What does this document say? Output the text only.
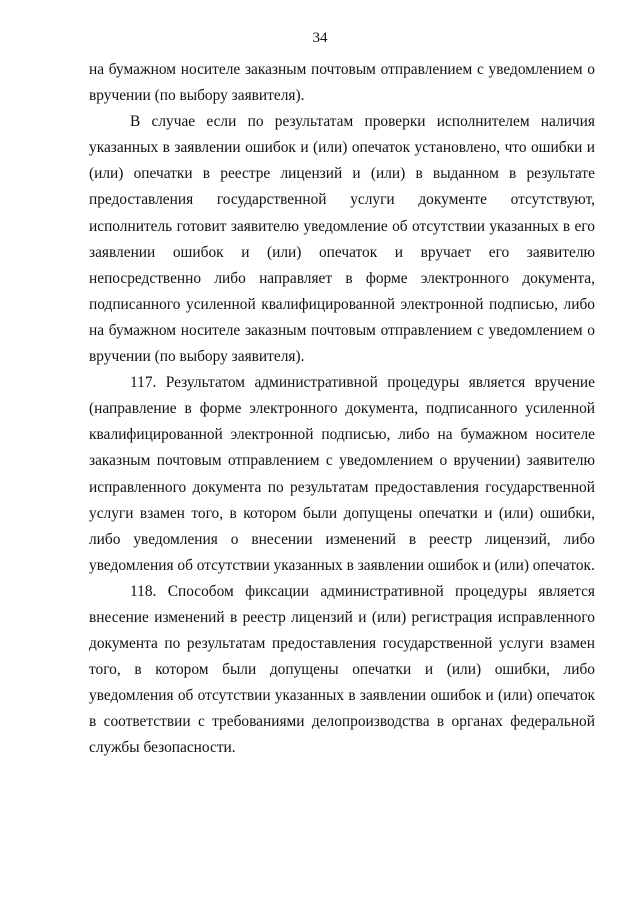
34

на бумажном носителе заказным почтовым отправлением с уведомлением о вручении (по выбору заявителя).

В случае если по результатам проверки исполнителем наличия указанных в заявлении ошибок и (или) опечаток установлено, что ошибки и (или) опечатки в реестре лицензий и (или) в выданном в результате предоставления государственной услуги документе отсутствуют, исполнитель готовит заявителю уведомление об отсутствии указанных в его заявлении ошибок и (или) опечаток и вручает его заявителю непосредственно либо направляет в форме электронного документа, подписанного усиленной квалифицированной электронной подписью, либо на бумажном носителе заказным почтовым отправлением с уведомлением о вручении (по выбору заявителя).

117. Результатом административной процедуры является вручение (направление в форме электронного документа, подписанного усиленной квалифицированной электронной подписью, либо на бумажном носителе заказным почтовым отправлением с уведомлением о вручении) заявителю исправленного документа по результатам предоставления государственной услуги взамен того, в котором были допущены опечатки и (или) ошибки, либо уведомления о внесении изменений в реестр лицензий, либо уведомления об отсутствии указанных в заявлении ошибок и (или) опечаток.

118. Способом фиксации административной процедуры является внесение изменений в реестр лицензий и (или) регистрация исправленного документа по результатам предоставления государственной услуги взамен того, в котором были допущены опечатки и (или) ошибки, либо уведомления об отсутствии указанных в заявлении ошибок и (или) опечаток в соответствии с требованиями делопроизводства в органах федеральной службы безопасности.
